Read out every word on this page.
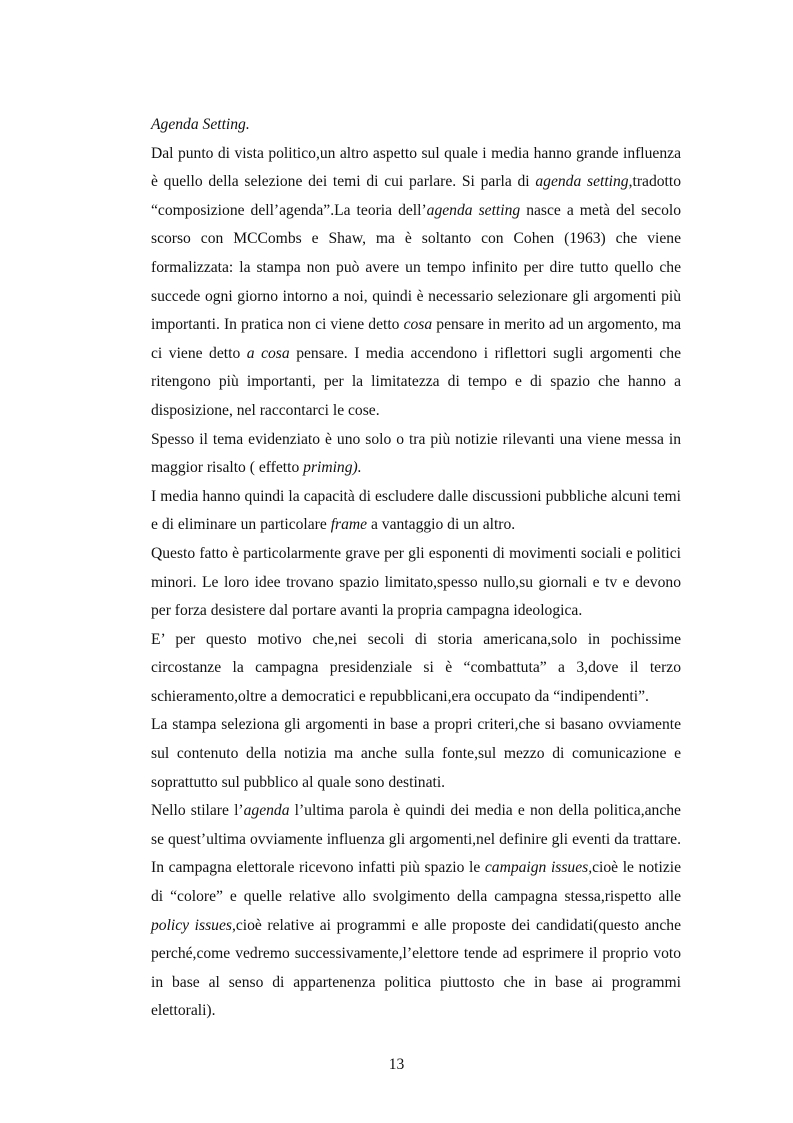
Agenda Setting.

Dal punto di vista politico,un altro aspetto sul quale i media hanno grande influenza è quello della selezione dei temi di cui parlare. Si parla di agenda setting,tradotto “composizione dell’agenda”.La teoria dell’agenda setting nasce a metà del secolo scorso con MCCombs e Shaw, ma è soltanto con Cohen (1963) che viene formalizzata: la stampa non può avere un tempo infinito per dire tutto quello che succede ogni giorno intorno a noi, quindi è necessario selezionare gli argomenti più importanti. In pratica non ci viene detto cosa pensare in merito ad un argomento, ma ci viene detto a cosa pensare. I media accendono i riflettori sugli argomenti che ritengono più importanti, per la limitatezza di tempo e di spazio che hanno a disposizione, nel raccontarci le cose.

Spesso il tema evidenziato è uno solo o tra più notizie rilevanti una viene messa in maggior risalto ( effetto priming).

I media hanno quindi la capacità di escludere dalle discussioni pubbliche alcuni temi e di eliminare un particolare frame a vantaggio di un altro.

Questo fatto è particolarmente grave per gli esponenti di movimenti sociali e politici minori. Le loro idee trovano spazio limitato,spesso nullo,su giornali e tv e devono per forza desistere dal portare avanti la propria campagna ideologica.

E’ per questo motivo che,nei secoli di storia americana,solo in pochissime circostanze la campagna presidenziale si è “combattuta” a 3,dove il terzo schieramento,oltre a democratici e repubblicani,era occupato da “indipendenti”.

La stampa seleziona gli argomenti in base a propri criteri,che si basano ovviamente sul contenuto della notizia ma anche sulla fonte,sul mezzo di comunicazione e soprattutto sul pubblico al quale sono destinati.

Nello stilare l’agenda l’ultima parola è quindi dei media e non della politica,anche se quest’ultima ovviamente influenza gli argomenti,nel definire gli eventi da trattare. In campagna elettorale ricevono infatti più spazio le campaign issues,cioè le notizie di “colore” e quelle relative allo svolgimento della campagna stessa,rispetto alle policy issues,cioè relative ai programmi e alle proposte dei candidati(questo anche perché,come vedremo successivamente,l’elettore tende ad esprimere il proprio voto in base al senso di appartenenza politica piuttosto che in base ai programmi elettorali).

13
